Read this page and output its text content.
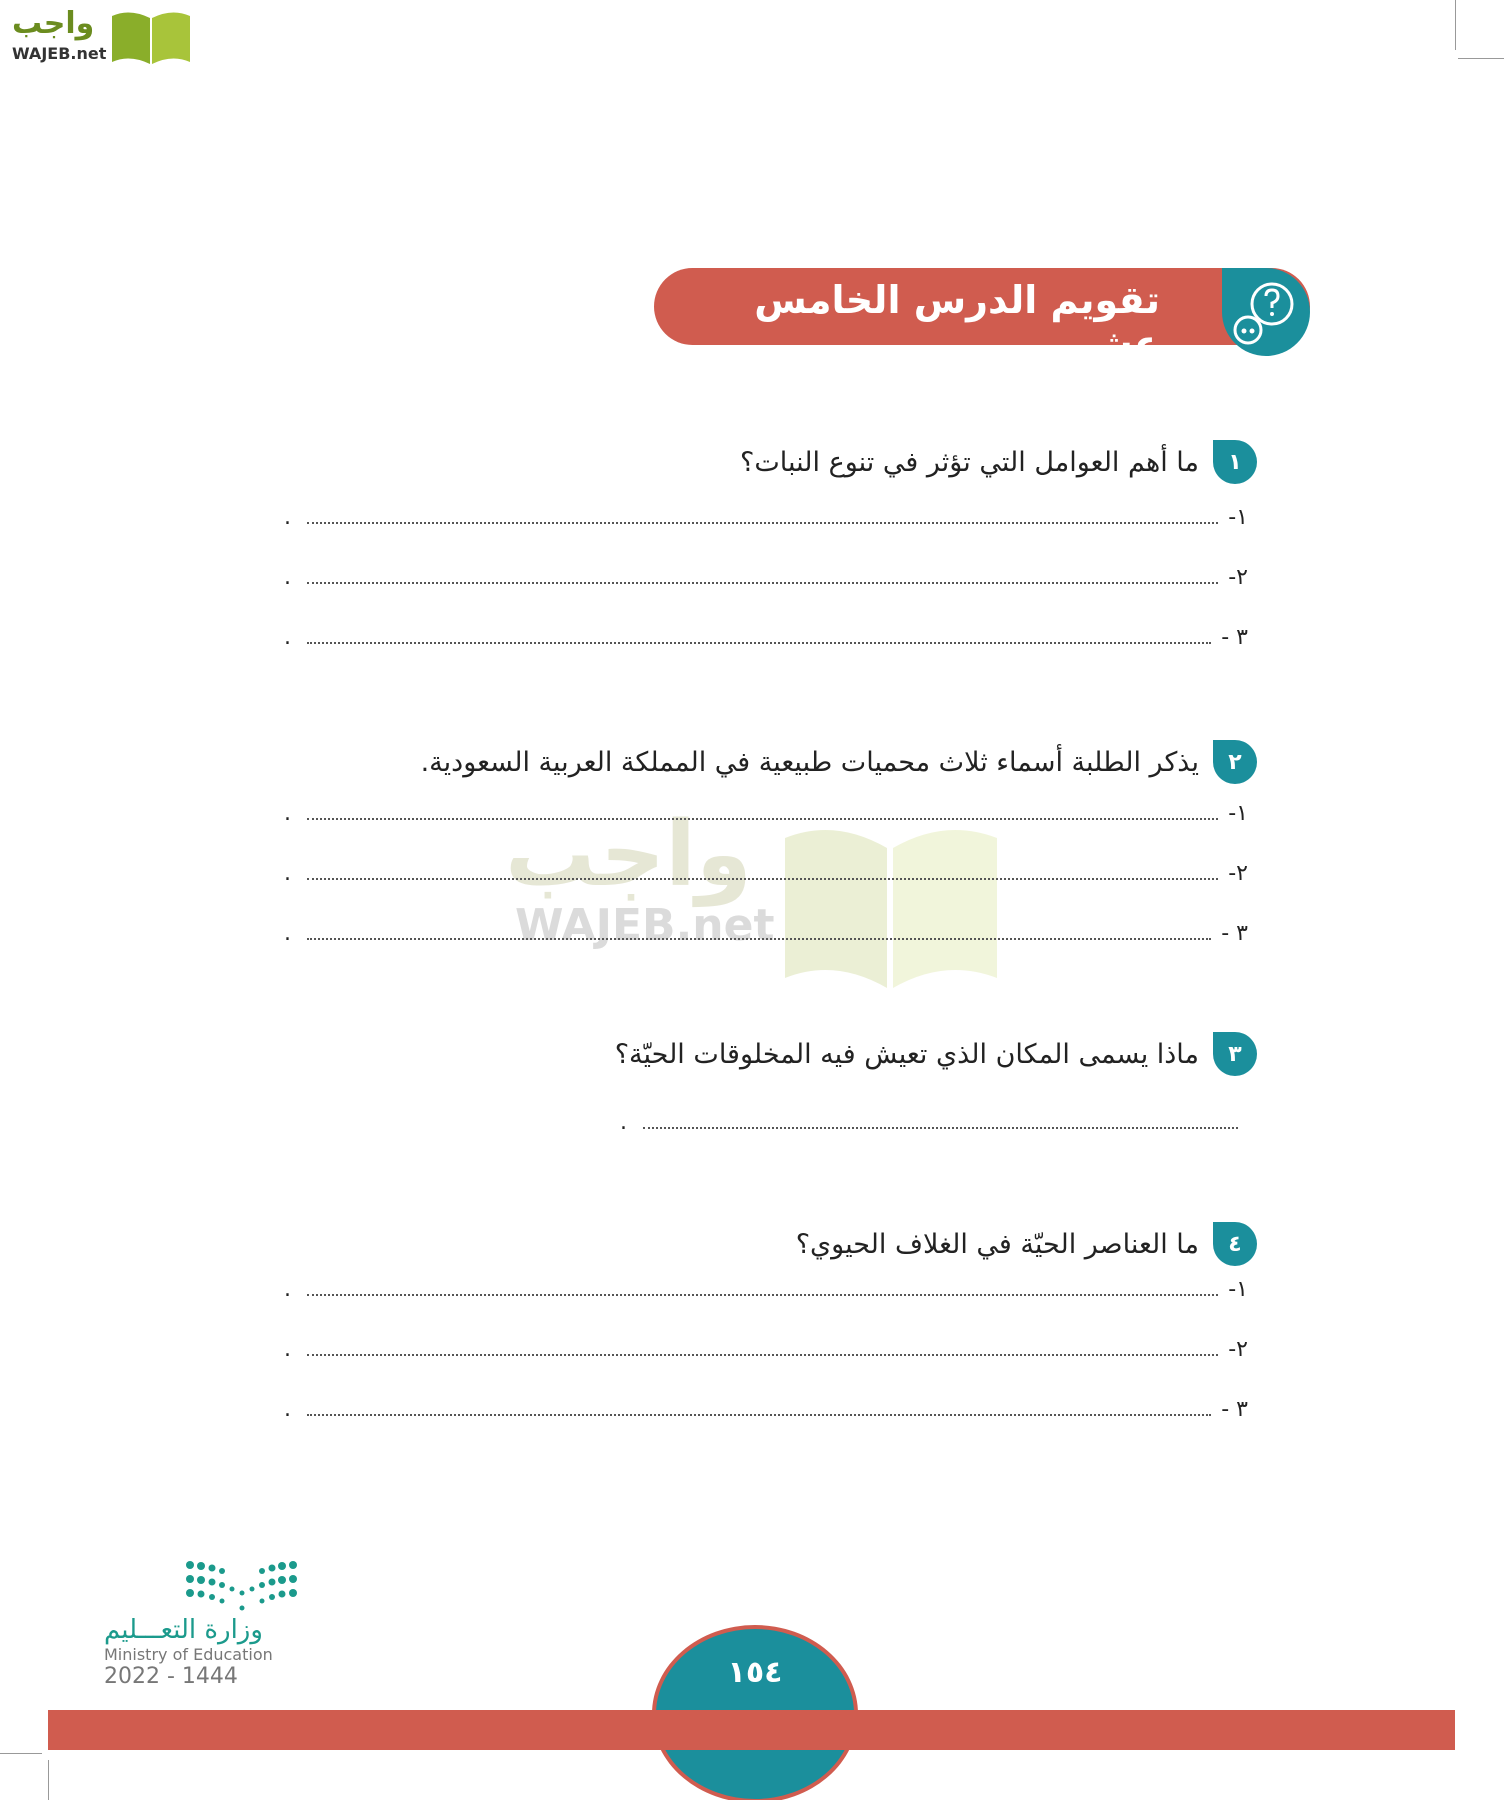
واجب
WAJEB.net
تقويم الدرس الخامس عشر
واجب
WAJEB.net
١
ما أهم العوامل التي تؤثر في تنوع النبات؟
١-
.
٢-
.
٣ -
.
٢
يذكر الطلبة أسماء ثلاث محميات طبيعية في المملكة العربية السعودية.
١-
.
٢-
.
٣ -
.
٣
ماذا يسمى المكان الذي تعيش فيه المخلوقات الحيّة؟
.
٤
ما العناصر الحيّة في الغلاف الحيوي؟
١-
.
٢-
.
٣ -
.
وزارة التعـــليم
Ministry of Education
2022 - 1444	١٥٤
